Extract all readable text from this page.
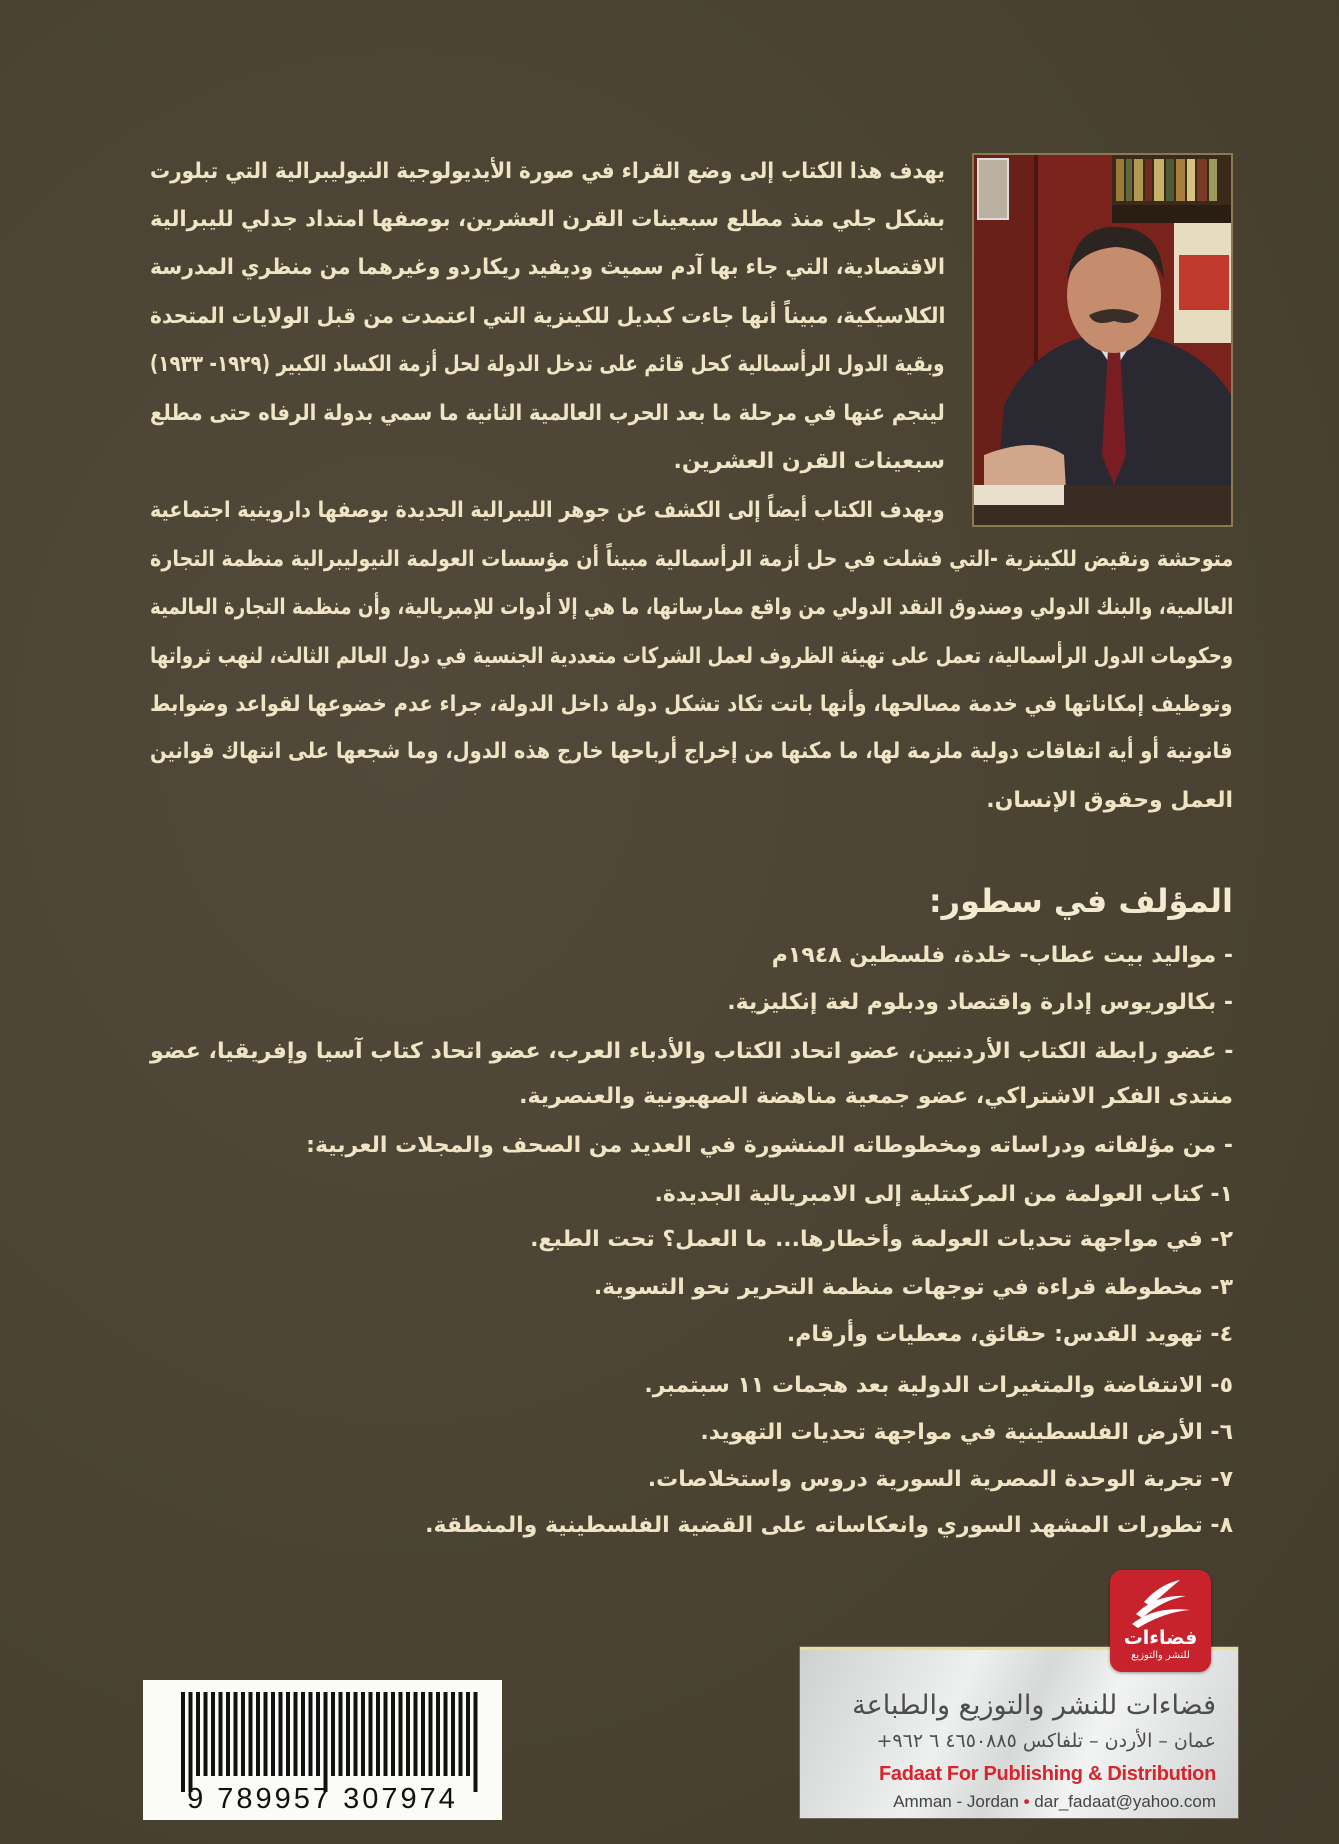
يهدف هذا الكتاب إلى وضع القراء في صورة الأيديولوجية النيوليبرالية التي تبلورت
بشكل جلي منذ مطلع سبعينات القرن العشرين، بوصفها امتداد جدلي لليبرالية
الاقتصادية، التي جاء بها آدم سميث وديفيد ريكاردو وغيرهما من منظري المدرسة
الكلاسيكية، مبيناً أنها جاءت كبديل للكينزية التي اعتمدت من قبل الولايات المتحدة
وبقية الدول الرأسمالية كحل قائم على تدخل الدولة لحل أزمة الكساد الكبير (١٩٢٩- ١٩٣٣)
لينجم عنها في مرحلة ما بعد الحرب العالمية الثانية ما سمي بدولة الرفاه حتى مطلع
سبعينات القرن العشرين.
ويهدف الكتاب أيضاً إلى الكشف عن جوهر الليبرالية الجديدة بوصفها داروينية اجتماعية
متوحشة ونقيض للكينزية -التي فشلت في حل أزمة الرأسمالية مبيناً أن مؤسسات العولمة النيوليبرالية منظمة التجارة
العالمية، والبنك الدولي وصندوق النقد الدولي من واقع ممارساتها، ما هي إلا أدوات للإمبريالية، وأن منظمة التجارة العالمية
وحكومات الدول الرأسمالية، تعمل على تهيئة الظروف لعمل الشركات متعددية الجنسية في دول العالم الثالث، لنهب ثرواتها
وتوظيف إمكاناتها في خدمة مصالحها، وأنها باتت تكاد تشكل دولة داخل الدولة، جراء عدم خضوعها لقواعد وضوابط
قانونية أو أية اتفاقات دولية ملزمة لها، ما مكنها من إخراج أرباحها خارج هذه الدول، وما شجعها على انتهاك قوانين
العمل وحقوق الإنسان.
المؤلف في سطور:
- مواليد بيت عطاب- خلدة، فلسطين ١٩٤٨م
- بكالوريوس إدارة واقتصاد ودبلوم لغة إنكليزية.
- عضو رابطة الكتاب الأردنيين، عضو اتحاد الكتاب والأدباء العرب، عضو اتحاد كتاب آسيا وإفريقيا، عضو
منتدى الفكر الاشتراكي، عضو جمعية مناهضة الصهيونية والعنصرية.
- من مؤلفاته ودراساته ومخطوطاته المنشورة في العديد من الصحف والمجلات العربية:
١- كتاب العولمة من المركنتلية إلى الامبريالية الجديدة.
٢- في مواجهة تحديات العولمة وأخطارها... ما العمل؟ تحت الطبع.
٣- مخطوطة قراءة في توجهات منظمة التحرير نحو التسوية.
٤- تهويد القدس: حقائق، معطيات وأرقام.
٥- الانتفاضة والمتغيرات الدولية بعد هجمات ١١ سبتمبر.
٦- الأرض الفلسطينية في مواجهة تحديات التهويد.
٧- تجربة الوحدة المصرية السورية دروس واستخلاصات.
٨- تطورات المشهد السوري وانعكاساته على القضية الفلسطينية والمنطقة.
9 789957 307974
فضاءات للنشر والتوزيع والطباعة
عمان – الأردن – تلفاكس ٤٦٥٠٨٨٥ ٦ ٩٦٢+
Fadaat For Publishing & Distribution
Amman - Jordan • dar_fadaat@yahoo.com
فضاءات
للنشر والتوزيع
